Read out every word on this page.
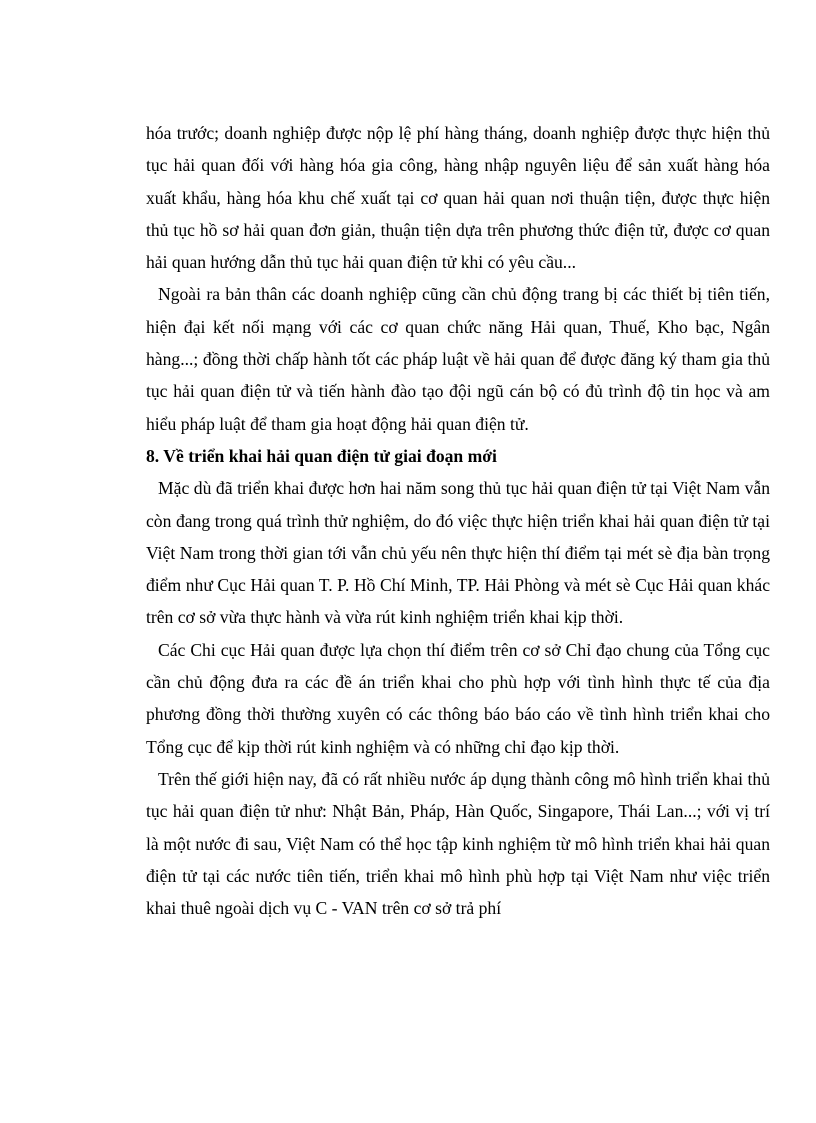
hóa trước; doanh nghiệp được nộp lệ phí hàng tháng, doanh nghiệp được thực hiện thủ tục hải quan đối với hàng hóa gia công, hàng nhập nguyên liệu để sản xuất hàng hóa xuất khẩu, hàng hóa khu chế xuất tại cơ quan hải quan nơi thuận tiện, được thực hiện thủ tục hồ sơ hải quan đơn giản, thuận tiện dựa trên phương thức điện tử, được cơ quan hải quan hướng dẫn thủ tục hải quan điện tử khi có yêu cầu...

Ngoài ra bản thân các doanh nghiệp cũng cần chủ động trang bị các thiết bị tiên tiến, hiện đại kết nối mạng với các cơ quan chức năng Hải quan, Thuế, Kho bạc, Ngân hàng...; đồng thời chấp hành tốt các pháp luật về hải quan để được đăng ký tham gia thủ tục hải quan điện tử và tiến hành đào tạo đội ngũ cán bộ có đủ trình độ tin học và am hiểu pháp luật để tham gia hoạt động hải quan điện tử.

8. Về triển khai hải quan điện tử giai đoạn mới

Mặc dù đã triển khai được hơn hai năm song thủ tục hải quan điện tử tại Việt Nam vẫn còn đang trong quá trình thử nghiệm, do đó việc thực hiện triển khai hải quan điện tử tại Việt Nam trong thời gian tới vẫn chủ yếu nên thực hiện thí điểm tại mét sè địa bàn trọng điểm như Cục Hải quan T. P. Hồ Chí Minh, TP. Hải Phòng và mét sè Cục Hải quan khác trên cơ sở vừa thực hành và vừa rút kinh nghiệm triển khai kịp thời.

Các Chi cục Hải quan được lựa chọn thí điểm trên cơ sở Chỉ đạo chung của Tổng cục cần chủ động đưa ra các đề án triển khai cho phù hợp với tình hình thực tế của địa phương đồng thời thường xuyên có các thông báo báo cáo về tình hình triển khai cho Tổng cục để kịp thời rút kinh nghiệm và có những chỉ đạo kịp thời.

Trên thế giới hiện nay, đã có rất nhiều nước áp dụng thành công mô hình triển khai thủ tục hải quan điện tử như: Nhật Bản, Pháp, Hàn Quốc, Singapore, Thái Lan...; với vị trí là một nước đi sau, Việt Nam có thể học tập kinh nghiệm từ mô hình triển khai hải quan điện tử tại các nước tiên tiến, triển khai mô hình phù hợp tại Việt Nam như việc triển khai thuê ngoài dịch vụ C - VAN trên cơ sở trả phí
